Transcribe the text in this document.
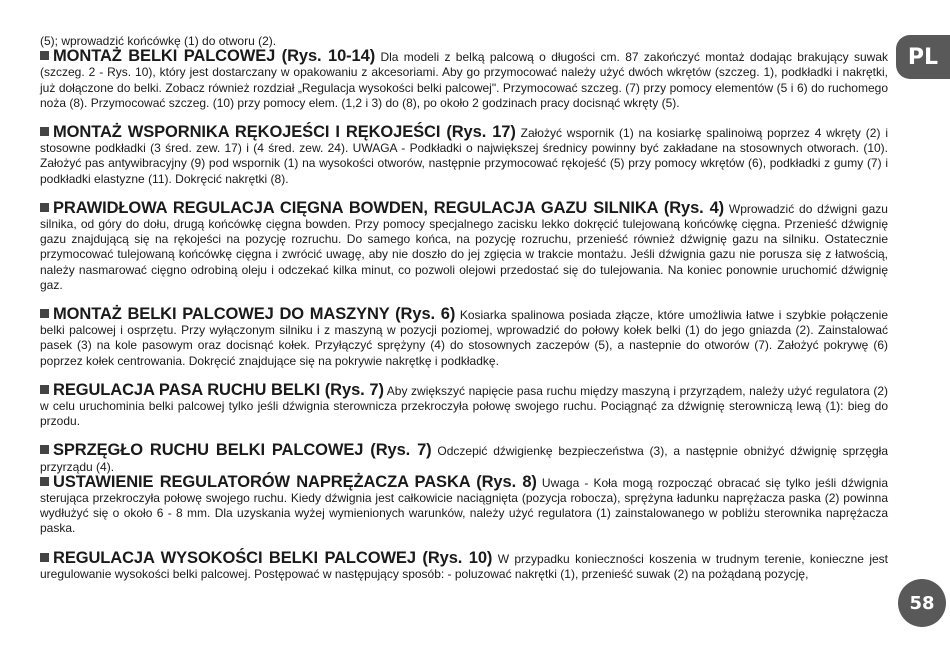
(5); wprowadzić końcówkę (1) do otworu (2).

MONTAŻ BELKI PALCOWEJ (Rys. 10-14) Dla modeli z belką palcową o długości cm. 87 zakończyć montaż dodając brakujący suwak (szczeg. 2 - Rys. 10), który jest dostarczany w opakowaniu z akcesoriami. Aby go przymocować należy użyć dwóch wkrętów (szczeg. 1), podkładki i nakrętki, już dołączone do belki. Zobacz również rozdział „Regulacja wysokości belki palcowej". Przymocować szczeg. (7) przy pomocy elementów (5 i 6) do ruchomego noża (8). Przymocować szczeg. (10) przy pomocy elem. (1,2 i 3) do (8), po około 2 godzinach pracy docisnąć wkręty (5).

MONTAŻ WSPORNIKA RĘKOJEŚCI I RĘKOJEŚCI (Rys. 17) Założyć wspornik (1) na kosiarkę spalinoiwą poprzez 4 wkręty (2) i stosowne podkładki (3 śred. zew. 17) i (4 śred. zew. 24). UWAGA - Podkładki o największej średnicy powinny być zakładane na stosownych otworach. (10). Założyć pas antywibracyjny (9) pod wspornik (1) na wysokości otworów, następnie przymocować rękojeść (5) przy pomocy wkrętów (6), podkładki z gumy (7) i podkładki elastyzne (11). Dokręcić nakrętki (8).

PRAWIDŁOWA REGULACJA CIĘGNA BOWDEN, REGULACJA GAZU SILNIKA (Rys. 4) Wprowadzić do dźwigni gazu silnika, od góry do dołu, drugą końcówkę cięgna bowden. Przy pomocy specjalnego zacisku lekko dokręcić tulejowaną końcówkę cięgna. Przenieść dźwignię gazu znajdującą się na rękojeści na pozycję rozruchu. Do samego końca, na pozycję rozruchu, przenieść również dźwignię gazu na silniku. Ostatecznie przymocować tulejowaną końcówkę cięgna i zwrócić uwagę, aby nie doszło do jej zgięcia w trakcie montażu. Jeśli dźwignia gazu nie porusza się z łatwością, należy nasmarować cięgno odrobiną oleju i odczekać kilka minut, co pozwoli olejowi przedostać się do tulejowania. Na koniec ponownie uruchomić dźwignię gaz.

MONTAŻ BELKI PALCOWEJ DO MASZYNY (Rys. 6) Kosiarka spalinowa posiada złącze, które umożliwia łatwe i szybkie połączenie belki palcowej i osprzętu. Przy wyłączonym silniku i z maszyną w pozycji poziomej, wprowadzić do połowy kołek belki (1) do jego gniazda (2). Zainstalować pasek (3) na kole pasowym oraz docisnąć kołek. Przyłączyć sprężyny (4) do stosownych zaczepów (5), a nastepnie do otworów (7). Założyć pokrywę (6) poprzez kołek centrowania. Dokręcić znajdujące się na pokrywie nakrętkę i podkładkę.

REGULACJA PASA RUCHU BELKI (Rys. 7) Aby zwiększyć napięcie pasa ruchu między maszyną i przyrządem, należy użyć regulatora (2) w celu uruchominia belki palcowej tylko jeśli dźwignia sterownicza przekroczyła połowę swojego ruchu. Pociągnąć za dźwignię sterowniczą lewą (1): bieg do przodu.

SPRZĘGŁO RUCHU BELKI PALCOWEJ (Rys. 7) Odczepić dźwigienkę bezpieczeństwa (3), a następnie obniżyć dźwignię sprzęgła przyrządu (4).

USTAWIENIE REGULATORÓW NAPRĘŻACZA PASKA (Rys. 8) Uwaga - Koła mogą rozpocząć obracać się tylko jeśli dźwignia sterująca przekroczyła połowę swojego ruchu. Kiedy dźwignia jest całkowicie naciągnięta (pozycja robocza), sprężyna ładunku naprężacza paska (2) powinna wydłużyć się o około 6 - 8 mm. Dla uzyskania wyżej wymienionych warunków, należy użyć regulatora (1) zainstalowanego w pobliżu sterownika naprężacza paska.

REGULACJA WYSOKOŚCI BELKI PALCOWEJ (Rys. 10) W przypadku konieczności koszenia w trudnym terenie, konieczne jest uregulowanie wysokości belki palcowej. Postępować w następujący sposób: - poluzować nakrętki (1), przenieść suwak (2) na pożądaną pozycję,

PL
58
